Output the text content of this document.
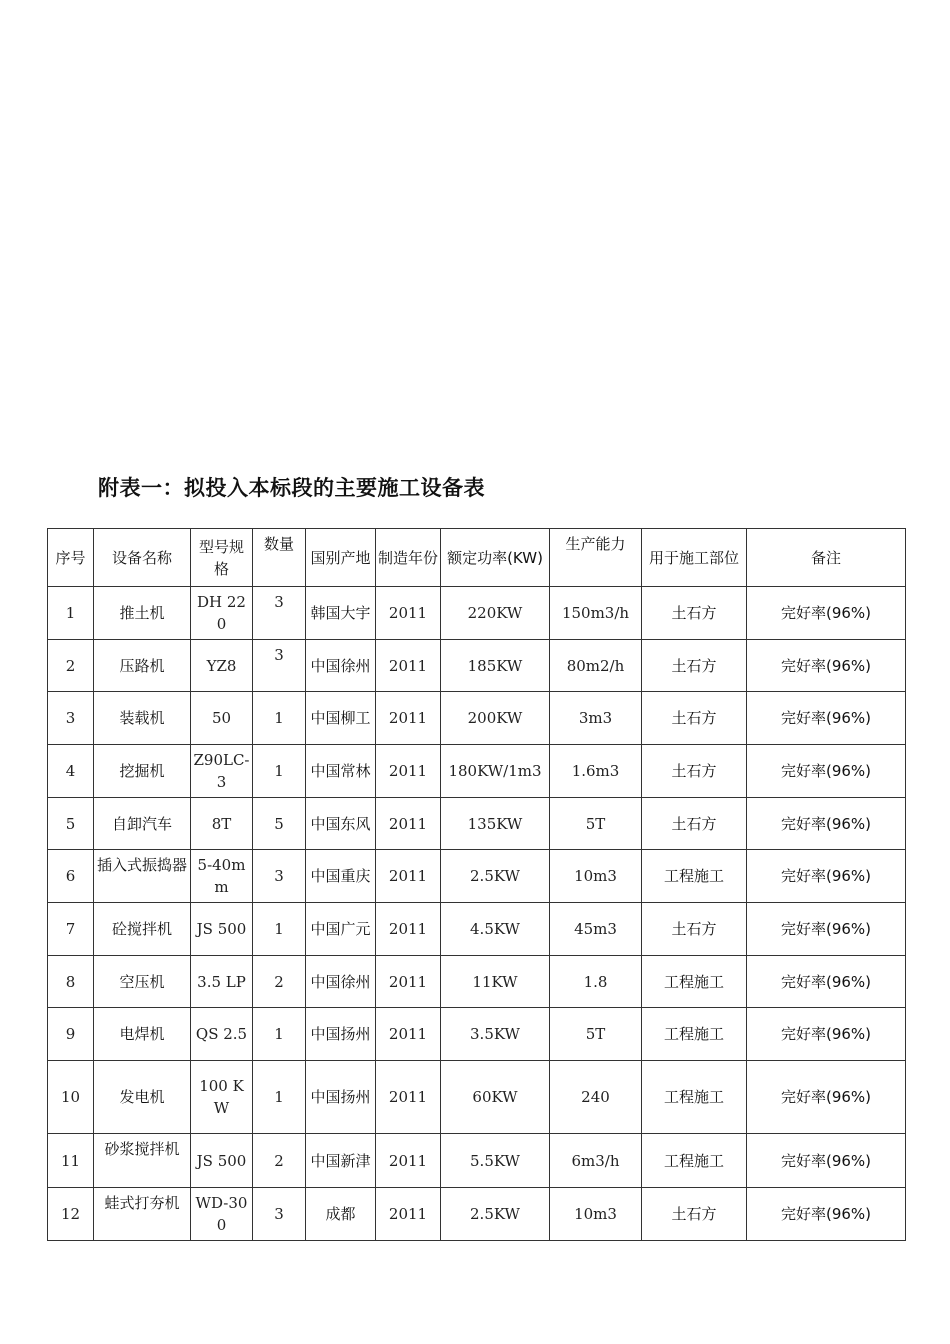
附表一：拟投入本标段的主要施工设备表
序号	设备名称	型号规格	数量	国别产地	制造年份	额定功率(KW)	生产能力	用于施工部位	备注
1	推土机	DH 220	3	韩国大宇	2011	220KW	150m3/h	土石方	完好率(96%)
2	压路机	YZ8	3	中国徐州	2011	185KW	80m2/h	土石方	完好率(96%)
3	装载机	50	1	中国柳工	2011	200KW	3m3	土石方	完好率(96%)
4	挖掘机	Z90LC-3	1	中国常林	2011	180KW/1m3	1.6m3	土石方	完好率(96%)
5	自卸汽车	8T	5	中国东风	2011	135KW	5T	土石方	完好率(96%)
6	插入式振捣器	5-40mm	3	中国重庆	2011	2.5KW	10m3	工程施工	完好率(96%)
7	砼搅拌机	JS 500	1	中国广元	2011	4.5KW	45m3	土石方	完好率(96%)
8	空压机	3.5 LP	2	中国徐州	2011	11KW	1.8	工程施工	完好率(96%)
9	电焊机	QS 2.5	1	中国扬州	2011	3.5KW	5T	工程施工	完好率(96%)
10	发电机	100 KW	1	中国扬州	2011	60KW	240	工程施工	完好率(96%)
11	砂浆搅拌机	JS 500	2	中国新津	2011	5.5KW	6m3/h	工程施工	完好率(96%)
12	蛙式打夯机	WD-300	3	成都	2011	2.5KW	10m3	土石方	完好率(96%)
